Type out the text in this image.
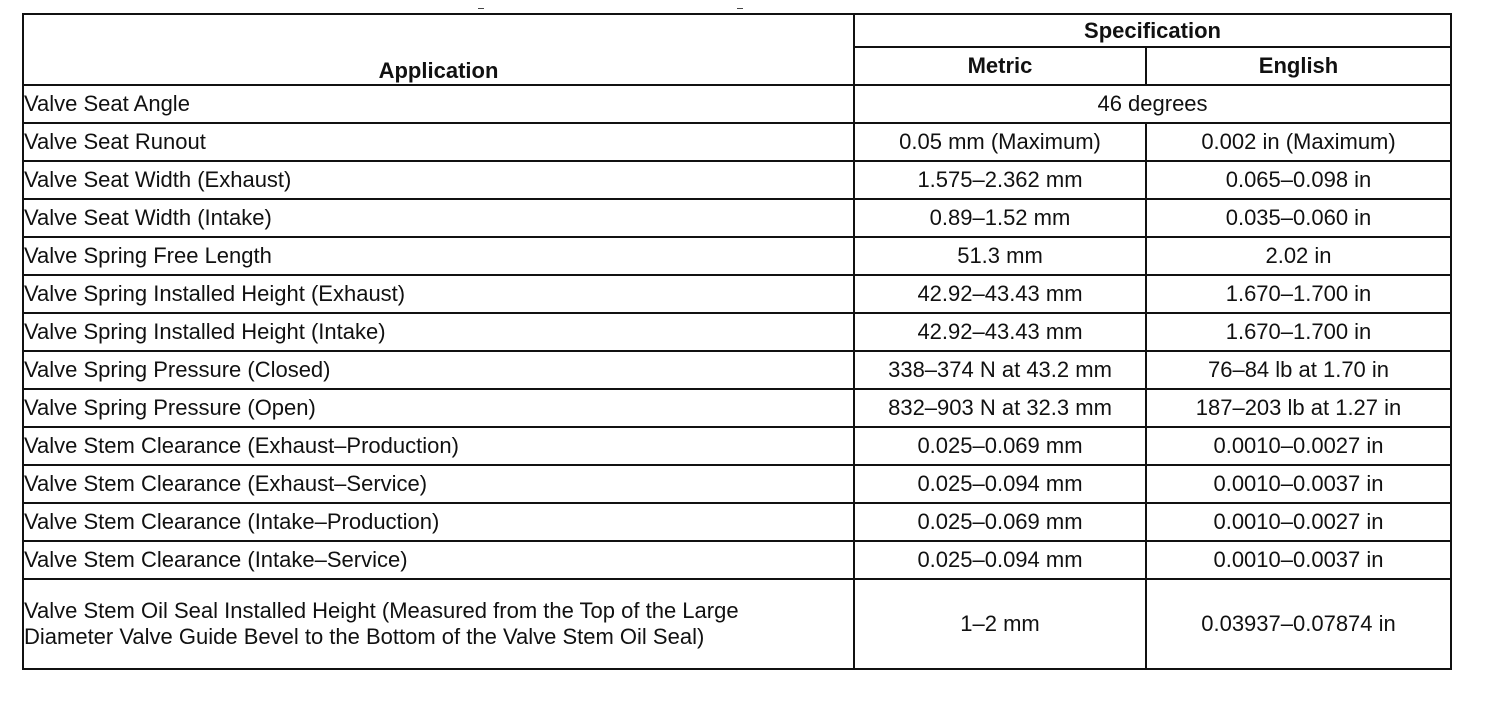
Application	Specification	
	Metric	English
Valve Seat Angle	46 degrees	
Valve Seat Runout	0.05 mm (Maximum)	0.002 in (Maximum)
Valve Seat Width (Exhaust)	1.575–2.362 mm	0.065–0.098 in
Valve Seat Width (Intake)	0.89–1.52 mm	0.035–0.060 in
Valve Spring Free Length	51.3 mm	2.02 in
Valve Spring Installed Height (Exhaust)	42.92–43.43 mm	1.670–1.700 in
Valve Spring Installed Height (Intake)	42.92–43.43 mm	1.670–1.700 in
Valve Spring Pressure (Closed)	338–374 N at 43.2 mm	76–84 lb at 1.70 in
Valve Spring Pressure (Open)	832–903 N at 32.3 mm	187–203 lb at 1.27 in
Valve Stem Clearance (Exhaust–Production)	0.025–0.069 mm	0.0010–0.0027 in
Valve Stem Clearance (Exhaust–Service)	0.025–0.094 mm	0.0010–0.0037 in
Valve Stem Clearance (Intake–Production)	0.025–0.069 mm	0.0010–0.0027 in
Valve Stem Clearance (Intake–Service)	0.025–0.094 mm	0.0010–0.0037 in
Valve Stem Oil Seal Installed Height (Measured from the Top of the Large Diameter Valve Guide Bevel to the Bottom of the Valve Stem Oil Seal)	1–2 mm	0.03937–0.07874 in
